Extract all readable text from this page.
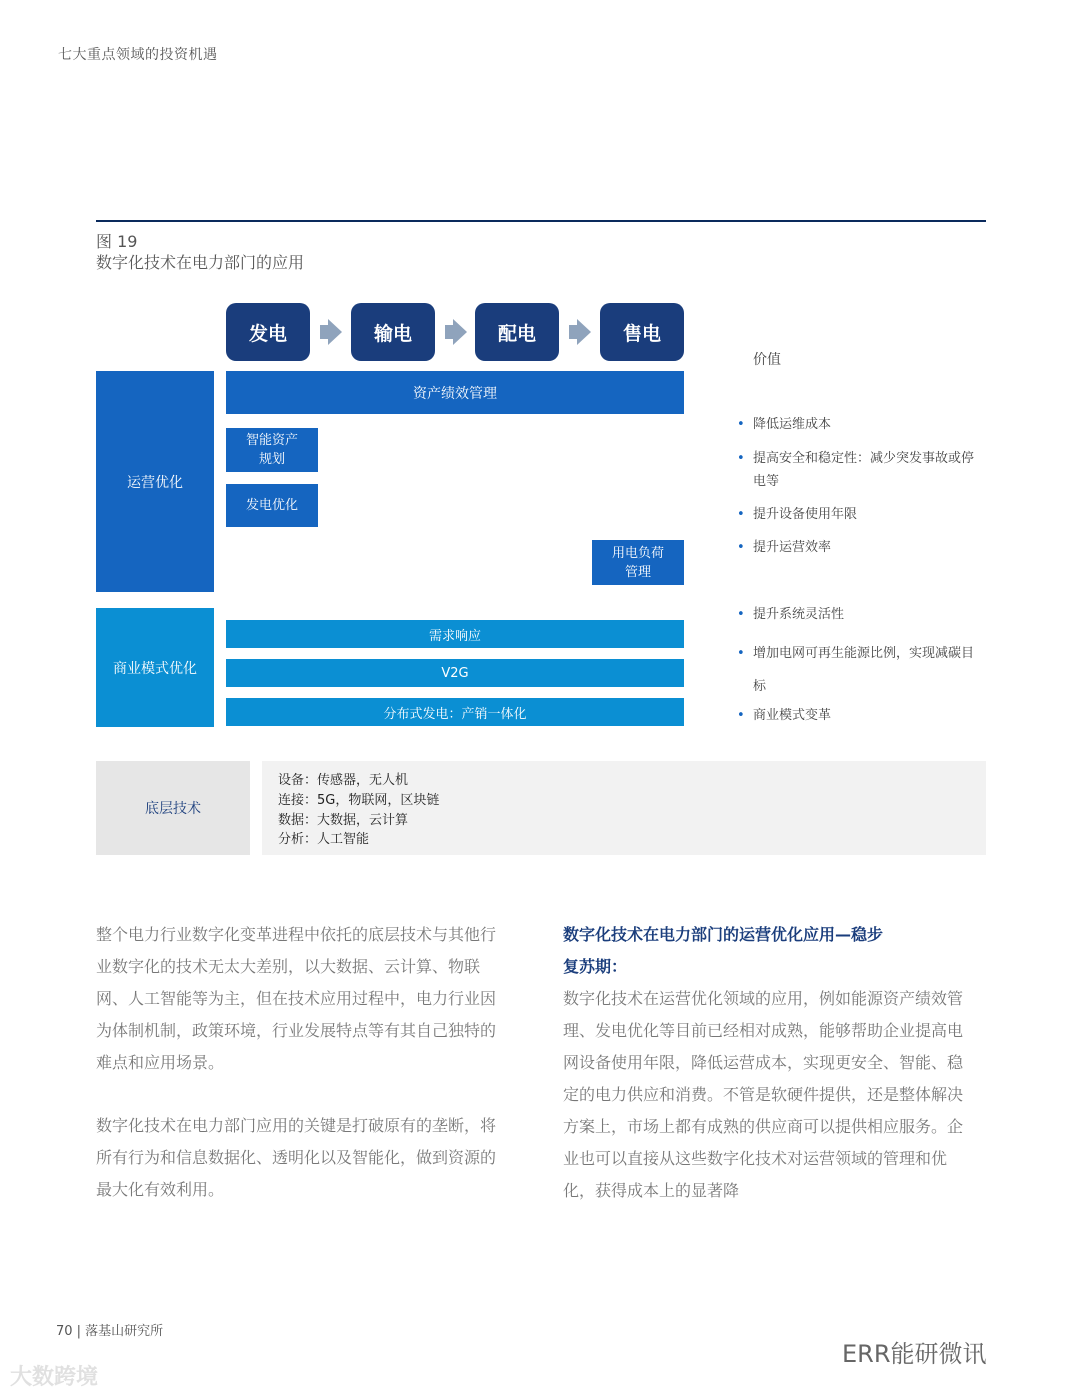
七大重点领域的投资机遇
图 19
数字化技术在电力部门的应用
发电	输电	配电	售电
运营优化
商业模式优化
资产绩效管理
智能资产
规划
发电优化
用电负荷
管理
需求响应
V2G
分布式发电：产销一体化
价值
• 降低运维成本
• 提高安全和稳定性：减少突发事故或停电等
• 提升设备使用年限
• 提升运营效率
• 提升系统灵活性
• 增加电网可再生能源比例，实现减碳目标
• 商业模式变革
底层技术
设备：传感器，无人机
连接：5G，物联网，区块链
数据：大数据，云计算
分析：人工智能
整个电力行业数字化变革进程中依托的底层技术与其他行业数字化的技术无太大差别，以大数据、云计算、物联网、人工智能等为主，但在技术应用过程中，电力行业因为体制机制，政策环境，行业发展特点等有其自己独特的难点和应用场景。
数字化技术在电力部门应用的关键是打破原有的垄断，将所有行为和信息数据化、透明化以及智能化，做到资源的最大化有效利用。
数字化技术在电力部门的运营优化应用—稳步复苏期：
数字化技术在运营优化领域的应用，例如能源资产绩效管理、发电优化等目前已经相对成熟，能够帮助企业提高电网设备使用年限，降低运营成本，实现更安全、智能、稳定的电力供应和消费。不管是软硬件提供，还是整体解决方案上，市场上都有成熟的供应商可以提供相应服务。企业也可以直接从这些数字化技术对运营领域的管理和优化，获得成本上的显著降
70 | 落基山研究所
大数跨境
ERR能研微讯
